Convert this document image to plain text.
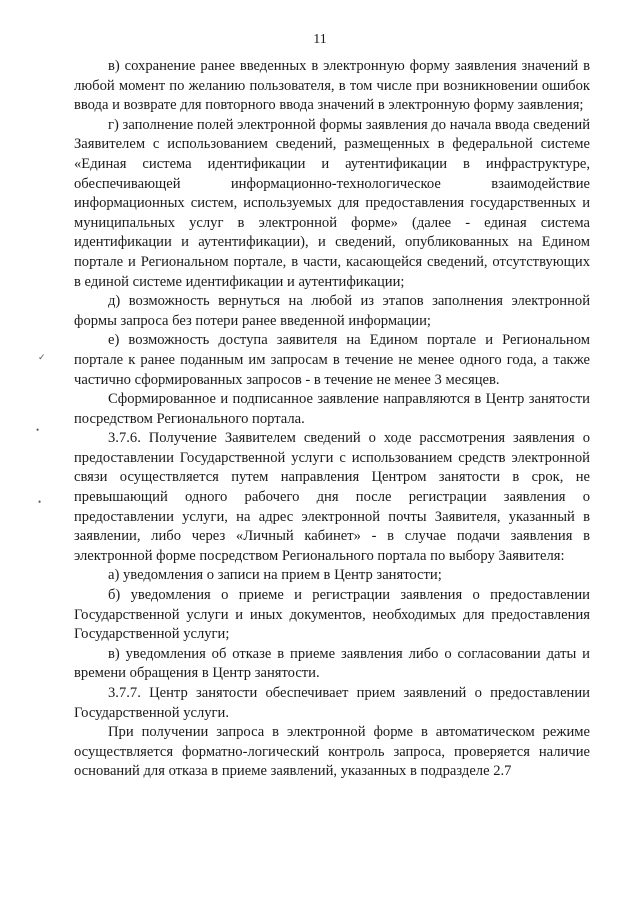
11
✓
•
•

в) сохранение ранее введенных в электронную форму заявления значений в любой момент по желанию пользователя, в том числе при возникновении ошибок ввода и возврате для повторного ввода значений в электронную форму заявления;

г) заполнение полей электронной формы заявления до начала ввода сведений Заявителем с использованием сведений, размещенных в федеральной системе «Единая система идентификации и аутентификации в инфраструктуре, обеспечивающей информационно-технологическое взаимодействие информационных систем, используемых для предоставления государственных и муниципальных услуг в электронной форме» (далее - единая система идентификации и аутентификации), и сведений, опубликованных на Едином портале и Региональном портале, в части, касающейся сведений, отсутствующих в единой системе идентификации и аутентификации;

д) возможность вернуться на любой из этапов заполнения электронной формы запроса без потери ранее введенной информации;

е) возможность доступа заявителя на Едином портале и Региональном портале к ранее поданным им запросам в течение не менее одного года, а также частично сформированных запросов - в течение не менее 3 месяцев.

Сформированное и подписанное заявление направляются в Центр занятости посредством Регионального портала.

3.7.6. Получение Заявителем сведений о ходе рассмотрения заявления о предоставлении Государственной услуги с использованием средств электронной связи осуществляется путем направления Центром занятости в срок, не превышающий одного рабочего дня после регистрации заявления о предоставлении услуги, на адрес электронной почты Заявителя, указанный в заявлении, либо через «Личный кабинет» - в случае подачи заявления в электронной форме посредством Регионального портала по выбору Заявителя:

а) уведомления о записи на прием в Центр занятости;

б) уведомления о приеме и регистрации заявления о предоставлении Государственной услуги и иных документов, необходимых для предоставления Государственной услуги;

в) уведомления об отказе в приеме заявления либо о согласовании даты и времени обращения в Центр занятости.

3.7.7. Центр занятости обеспечивает прием заявлений о предоставлении Государственной услуги.

При получении запроса в электронной форме в автоматическом режиме осуществляется форматно-логический контроль запроса, проверяется наличие оснований для отказа в приеме заявлений, указанных в подразделе 2.7
